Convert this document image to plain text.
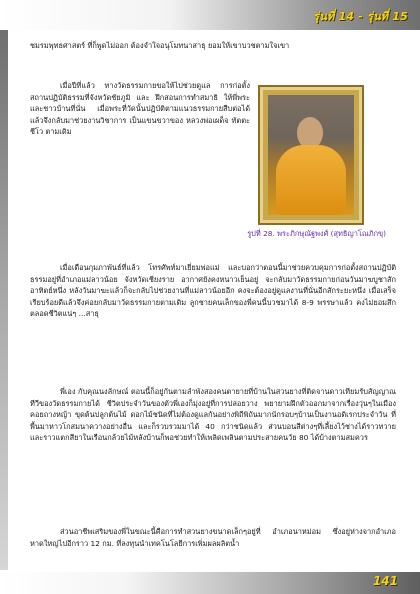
รุ่นที่ 14 - รุ่นที่ 15

ชมรมพุทธศาสตร์ ที่ก็พูดไม่ออก ต้องจำใจอนุโมทนาสาธุ ยอมให้เขาบวชตามใจเขา

เมื่อปีที่แล้ว ทางวัดธรรมกายขอให้ไปช่วยดูแล การก่อตั้งสถานปฏิบัติธรรมที่จังหวัดชัยภูมิ และ ฝึกสอนการทำสมาธิ ให้พี่พระ และชาวบ้านที่นั่น เมื่อพระที่วัดนั้นปฏิบัติตามแนวธรรมกายสืบต่อได้ แล้วจึงกลับมาช่วยงานวิชาการ เป็นแขนขวาของ หลวงพ่อเผด็จ ทัตตะชีโว ตามเดิม

เมื่อเดือนกุมภาพันธ์ที่แล้ว โทรศัพท์มาเยี่ยมพ่อแม่ และบอกว่าตอนนี้มาช่วยควบคุมการก่อตั้งสถานปฏิบัติธรรมอยู่ที่อำเภอแม่ลาวน้อย จังหวัดเชียงราย อากาศยังคงหนาวเย็นอยู่ จะกลับมาวัดธรรมกายก่อนวันมาฆบูชาสักอาทิตย์หนึ่ง หลังวันมาฆะแล้วก็จะกลับไปช่วยงานที่แม่ลาวน้อยอีก คงจะต้องอยู่ดูแลงานที่นั่นอีกสักระยะหนึ่ง เมื่อเสร็จเรียบร้อยดีแล้วจึงค่อยกลับมาวัดธรรมกายตามเดิม ลูกชายคนเล็กของพี่คนนี้บวชมาได้ 8-9 พรรษาแล้ว คงไม่ยอมสึกตลอดชีวิตแน่ๆ ...สาธุ

พี่เอง กับคุณนงลักษณ์ ตอนนี้ก็อยู่กันตามลำพังสองคนตายายที่บ้านในสวนยางที่ติดจานดาวเทียมรับสัญญาณทีวีของวัดธรรมกายได้ ชีวิตประจำวันของตัวพี่เองก็มุ่งอยู่ที่การปล่อยวาง พยายามฝึกตัวออกมาจากเรื่องวุ่นๆในเมือง คอยถางหญ้า ขุดต้นปลูกต้นไม้ ดอกไม้ชนิดที่ไม่ต้องดูแลกันอย่างพิถีพิถันมากนักรอบๆบ้านเป็นงานอดิเรกประจำวัน ที่พื้นมาหาวโกสมนาควางอย่างอื่น และก็รวบรวมมาได้ 40 กว่าชนิดแล้ว ส่วนบอนสีต่างๆที่เลี้ยงไว้ช่างได้ราวทวาย และราวแตกสียาในเรือนกล้วยไม้หลังบ้านก็พอช่วยทำให้เพลิดเพลินตามประสายคนวัย 80 ได้บ้างตามสมควร

ส่วนอาชีพเสริมของพี่ในขณะนี้คือการทำสวนยางขนาดเล็กๆอยู่ที่ อำเภอนาหม่อม ซึ่งอยู่ห่างจากอำเภอหาดใหญ่ไปอีกราว 12 กม. ที่ลงทุนนำเทคโนโลยีการเพิ่มผลผลิตน้ำ

รูปที่ 28. พระภิกษุณัฐพงศ์ (สุทธิญาโณภิกขุ)
141
